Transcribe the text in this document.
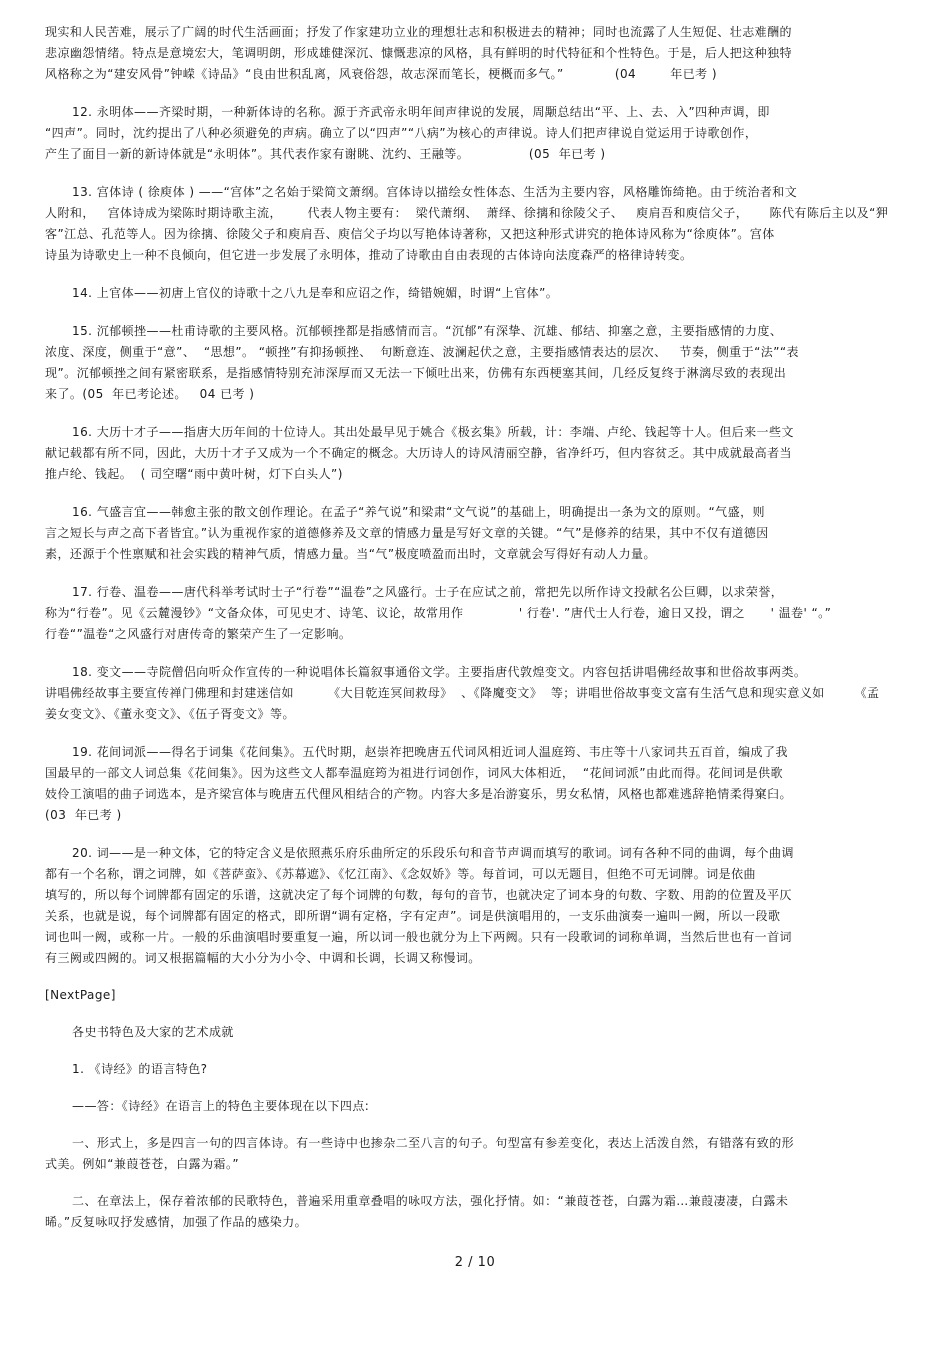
现实和人民苦难，展示了广阔的时代生活画面；抒发了作家建功立业的理想壮志和积极进去的精神；同时也流露了人生短促、壮志难酬的
悲凉幽怨情绪。特点是意境宏大，笔调明朗，形成雄健深沉、慷慨悲凉的风格，具有鲜明的时代特征和个性特色。于是，后人把这种独特
风格称之为“建安风骨”钟嵘《诗品》“良由世积乱离，风衰俗怨，故志深而笔长，梗概而多气。”            (04        年已考 )
12. 永明体——齐梁时期，一种新体诗的名称。源于齐武帝永明年间声律说的发展，周颙总结出“平、上、去、入”四种声调，即
“四声”。同时，沈约提出了八种必须避免的声病。确立了以“四声”“八病”为核心的声律说。诗人们把声律说自觉运用于诗歌创作，
产生了面目一新的新诗体就是“永明体”。其代表作家有谢眺、沈约、王融等。              (05  年已考 )
13. 宫体诗 ( 徐庾体 ) ——“宫体”之名始于梁简文萧纲。宫体诗以描绘女性体态、生活为主要内容，风格雕饰绮艳。由于统治者和文
人附和，   宫体诗成为梁陈时期诗歌主流，      代表人物主要有：  梁代萧纲、  萧绎、徐摛和徐陵父子、   庾肩吾和庾信父子，     陈代有陈后主以及“狎
客”江总、孔范等人。因为徐摛、徐陵父子和庾肩吾、庾信父子均以写艳体诗著称，又把这种形式讲究的艳体诗风称为“徐庾体”。宫体
诗虽为诗歌史上一种不良倾向，但它进一步发展了永明体，推动了诗歌由自由表现的古体诗向法度森严的格律诗转变。
14. 上官体——初唐上官仪的诗歌十之八九是奉和应诏之作，绮错婉媚，时谓“上官体”。
15. 沉郁顿挫——杜甫诗歌的主要风格。沉郁顿挫都是指感情而言。“沉郁”有深挚、沉雄、郁结、抑塞之意，主要指感情的力度、
浓度、深度，侧重于“意”、  “思想”。 “顿挫”有抑扬顿挫、  句断意连、波澜起伏之意，主要指感情表达的层次、   节奏，侧重于“法”“表
现”。沉郁顿挫之间有紧密联系，是指感情特别充沛深厚而又无法一下倾吐出来，仿佛有东西梗塞其间，几经反复终于淋漓尽致的表现出
来了。(05  年已考论述。   04 已考 )
16. 大历十才子——指唐大历年间的十位诗人。其出处最早见于姚合《极玄集》所载，计：李端、卢纶、钱起等十人。但后来一些文
献记载都有所不同，因此，大历十才子又成为一个不确定的概念。大历诗人的诗风清丽空静，省净纤巧，但内容贫乏。其中成就最高者当
推卢纶、钱起。  ( 司空曙“雨中黄叶树，灯下白头人”)
16. 气盛言宜——韩愈主张的散文创作理论。在孟子“养气说”和梁肃“文气说”的基础上，明确提出一条为文的原则。“气盛，则
言之短长与声之高下者皆宜。”认为重视作家的道德修养及文章的情感力量是写好文章的关键。“气”是修养的结果，其中不仅有道德因
素，还源于个性禀赋和社会实践的精神气质，情感力量。当“气”极度喷盈而出时，文章就会写得好有动人力量。
17. 行卷、温卷——唐代科举考试时士子“行卷”“温卷”之风盛行。士子在应试之前，常把先以所作诗文投献名公巨卿，以求荣誉，
称为“行卷”。见《云麓漫钞》“文备众体，可见史才、诗笔、议论，故常用作             ' 行卷'. ”唐代士人行卷，逾日又投，谓之      ' 温卷' “。”
行卷“”温卷“之风盛行对唐传奇的繁荣产生了一定影响。
18. 变文——寺院僧侣向听众作宣传的一种说唱体长篇叙事通俗文学。主要指唐代敦煌变文。内容包括讲唱佛经故事和世俗故事两类。
讲唱佛经故事主要宣传禅门佛理和封建迷信如        《大目乾连冥间救母》  、《降魔变文》  等；讲唱世俗故事变文富有生活气息和现实意义如       《孟
姜女变文》、《董永变文》、《伍子胥变文》等。
19. 花间词派——得名于词集《花间集》。五代时期，赵崇祚把晚唐五代词风相近词人温庭筠、韦庄等十八家词共五百首，编成了我
国最早的一部文人词总集《花间集》。因为这些文人都奉温庭筠为祖进行词创作，词风大体相近，  “花间词派”由此而得。花间词是供歌
妓伶工演唱的曲子词选本，是齐梁宫体与晚唐五代俚风相结合的产物。内容大多是冶游宴乐，男女私情，风格也都难逃辞艳情柔得窠臼。
(03  年已考 )
20. 词——是一种文体，它的特定含义是依照燕乐府乐曲所定的乐段乐句和音节声调而填写的歌词。词有各种不同的曲调，每个曲调
都有一个名称，谓之词牌，如《菩萨蛮》、《苏幕遮》、《忆江南》、《念奴娇》等。每首词，可以无题目，但绝不可无词牌。词是依曲
填写的，所以每个词牌都有固定的乐谱，这就决定了每个词牌的句数，每句的音节，也就决定了词本身的句数、字数、用韵的位置及平仄
关系，也就是说，每个词牌都有固定的格式，即所谓“调有定格，字有定声”。词是供演唱用的，一支乐曲演奏一遍叫一阙，所以一段歌
词也叫一阙，或称一片。一般的乐曲演唱时要重复一遍，所以词一般也就分为上下两阙。只有一段歌词的词称单调，当然后世也有一首词
有三阙或四阙的。词又根据篇幅的大小分为小令、中调和长调，长调又称慢词。
[NextPage]
各史书特色及大家的艺术成就
1. 《诗经》的语言特色?
——答：《诗经》在语言上的特色主要体现在以下四点:
一、形式上，多是四言一句的四言体诗。有一些诗中也掺杂二至八言的句子。句型富有参差变化，表达上活泼自然，有错落有致的形
式美。例如“兼葭苍苍，白露为霜。”
二、在章法上，保存着浓郁的民歌特色，普遍采用重章叠唱的咏叹方法，强化抒情。如：“兼葭苍苍，白露为霜…兼葭凄凄，白露未
晞。”反复咏叹抒发感情，加强了作品的感染力。
2 / 10
